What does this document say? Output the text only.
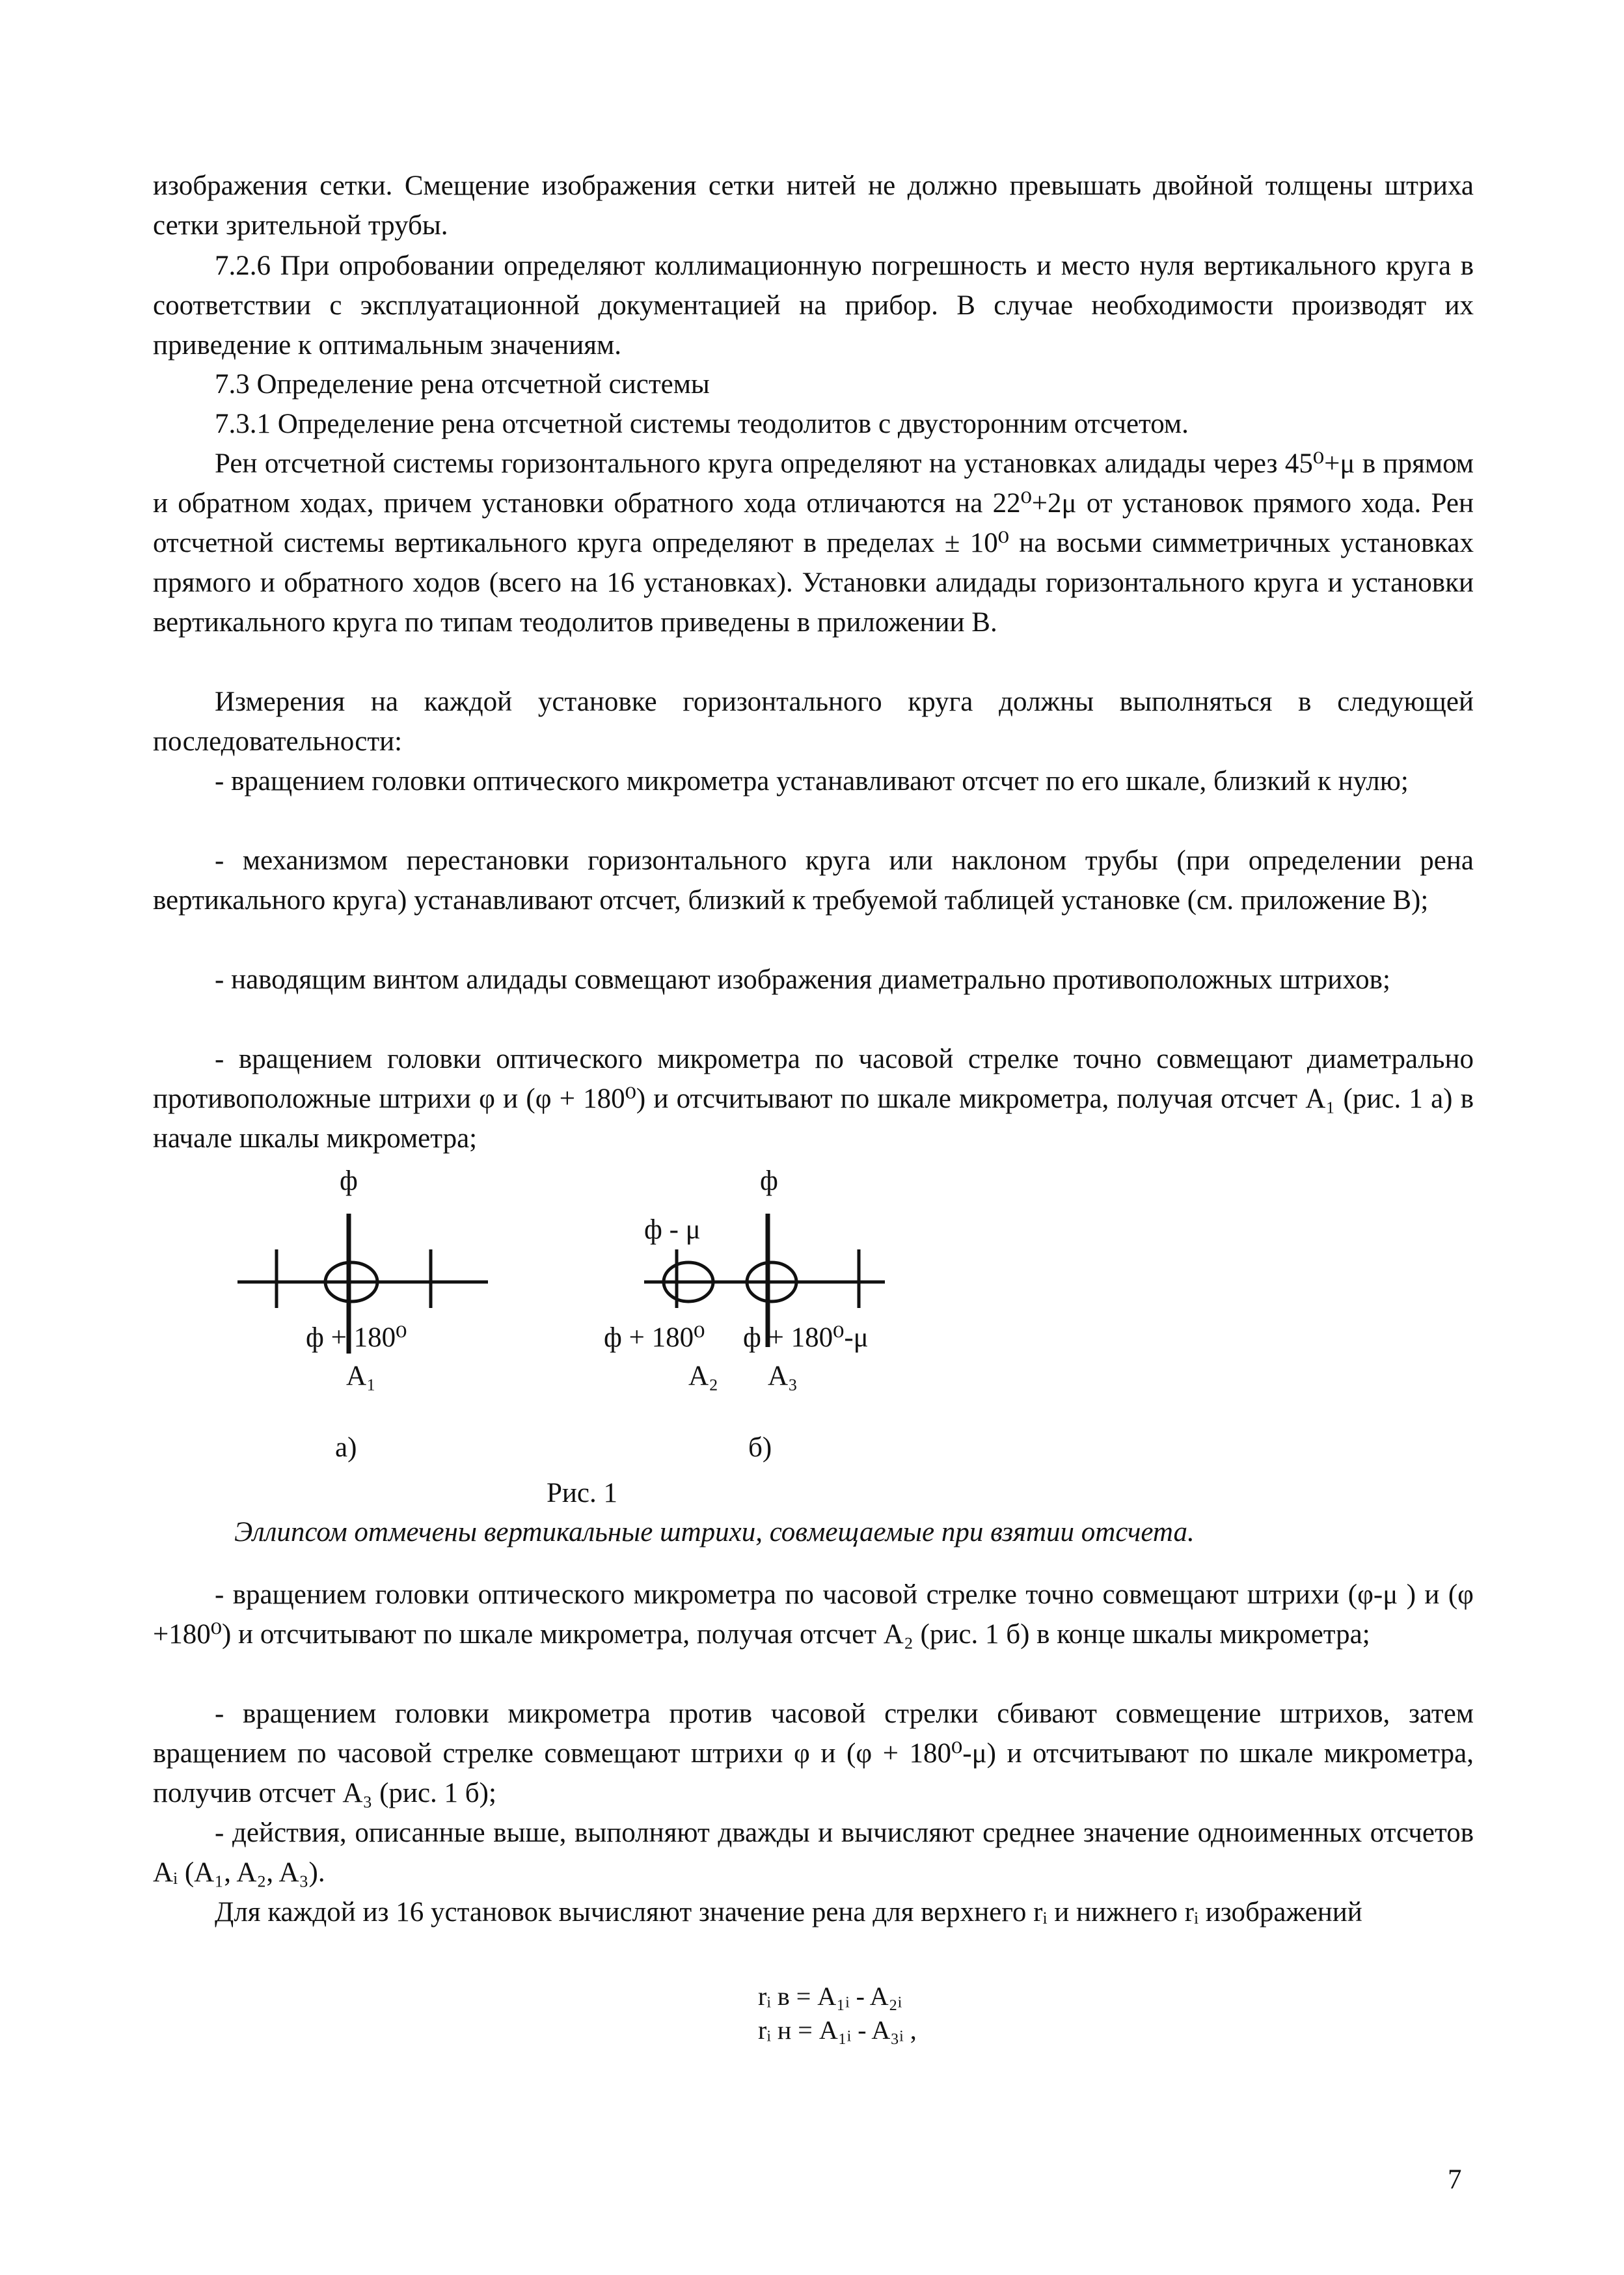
изображения сетки. Смещение изображения сетки нитей не должно превышать двойной толщены штриха сетки зрительной трубы.

7.2.6 При опробовании определяют коллимационную погрешность и место нуля вертикального круга в соответствии с эксплуатационной документацией на прибор. В случае необходимости производят их приведение к оптимальным значениям.

7.3 Определение рена отсчетной системы

7.3.1 Определение рена отсчетной системы теодолитов с двусторонним отсчетом.

Рен отсчетной системы горизонтального круга определяют на установках алидады через 45⁰+μ в прямом и обратном ходах, причем установки обратного хода отличаются на 22⁰+2μ от установок прямого хода. Рен отсчетной системы вертикального круга определяют в пределах ± 10⁰ на восьми симметричных установках прямого и обратного ходов (всего на 16 установках). Установки алидады горизонтального круга и установки вертикального круга по типам теодолитов приведены в приложении В.

Измерения на каждой установке горизонтального круга должны выполняться в следующей последовательности:

- вращением головки оптического микрометра устанавливают отсчет по его шкале, близкий к нулю;

- механизмом перестановки горизонтального круга или наклоном трубы (при определении рена вертикального круга) устанавливают отсчет, близкий к требуемой таблицей установке (см. приложение В);

- наводящим винтом алидады совмещают изображения диаметрально противоположных штрихов;

- вращением головки оптического микрометра по часовой стрелке точно совмещают диаметрально противоположные штрихи φ и (φ + 180⁰) и отсчитывают по шкале микрометра, получая отсчет A₁ (рис. 1 а) в начале шкалы микрометра;

ф
ф + 180⁰
A₁
а)
ф
ф - μ
ф + 180⁰ ф + 180⁰-μ
A₂ A₃
б)
Рис. 1
Эллипсом отмечены вертикальные штрихи, совмещаемые при взятии отсчета.

- вращением головки оптического микрометра по часовой стрелке точно совмещают штрихи (φ-μ ) и (φ +180⁰) и отсчитывают по шкале микрометра, получая отсчет A₂ (рис. 1 б) в конце шкалы микрометра;

- вращением головки микрометра против часовой стрелки сбивают совмещение штрихов, затем вращением по часовой стрелке совмещают штрихи φ и (φ + 180⁰-μ) и отсчитывают по шкале микрометра, получив отсчет A₃ (рис. 1 б);

- действия, описанные выше, выполняют дважды и вычисляют среднее значение одноименных отсчетов Aᵢ (A₁, A₂, A₃).

Для каждой из 16 установок вычисляют значение рена для верхнего rᵢ и нижнего rᵢ изображений

rᵢ в = A₁ᵢ - A₂ᵢ
rᵢ н = A₁ᵢ - A₃ᵢ ,
7
